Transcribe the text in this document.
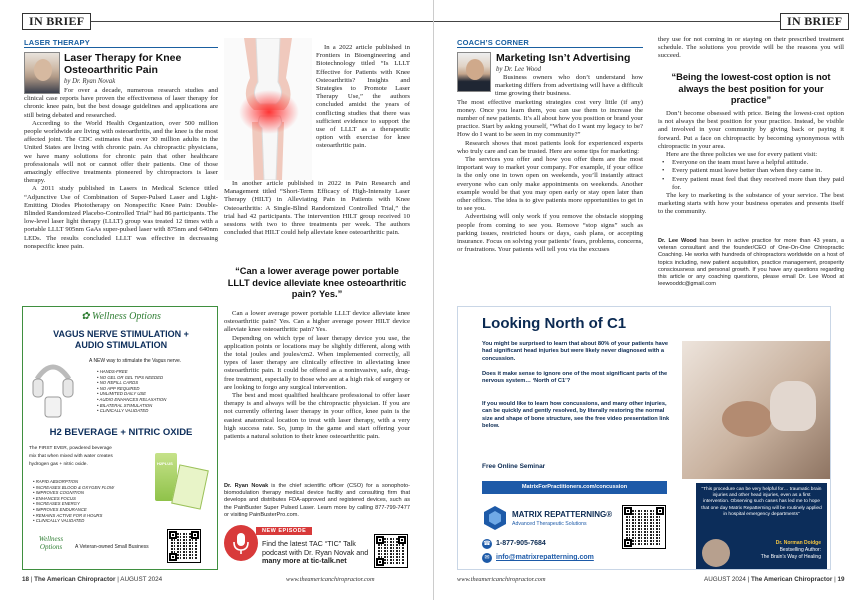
IN BRIEF
LASER THERAPY
Laser Therapy for Knee
Osteoarthritic Pain
by Dr. Ryan Novak

For over a decade, numerous research studies and clinical case reports have proven the effectiveness of laser therapy for chronic knee pain, but the best dosage guidelines and applications are still being debated and researched.

According to the World Health Organization, over 500 million people worldwide are living with osteoarthritis, and the knee is the most affected joint. The CDC estimates that over 30 million adults in the United States are living with chronic pain. As chiropractic physicians, we have many solutions for chronic pain that other healthcare professionals will not or cannot offer their patients. One of those amazingly effective treatments pioneered by chiropractors is laser therapy.

A 2011 study published in Lasers in Medical Science titled “Adjunctive Use of Combination of Super-Pulsed Laser and Light-Emitting Diodes Phototherapy on Nonspecific Knee Pain: Double-Blinded Randomized Placebo-Controlled Trial” had 86 participants. The low-level laser light therapy (LLLT) group was treated 12 times with a portable LLLT 905nm GaAs super-pulsed laser with 875nm and 640nm LEDs. The results concluded LLLT was effective in decreasing nonspecific knee pain.

In a 2022 article published in Frontiers in Bioengineering and Biotechnology titled “Is LLLT Effective for Patients with Knee Osteoarthritis? Insights and Strategies to Promote Laser Therapy Use,” the authors concluded amidst the years of conflicting studies that there was sufficient evidence to support the use of LLLT as a therapeutic option with exercise for knee osteoarthritic pain.

In another article published in 2022 in Pain Research and Management titled “Short-Term Efficacy of High-Intensity Laser Therapy (HILT) in Alleviating Pain in Patients with Knee Osteoarthritis: A Single-Blind Randomized Controlled Trial,” the trial had 42 participants. The intervention HILT group received 10 sessions with two to three treatments per week. The authors concluded that HILT could help alleviate knee osteoarthritic pain.

“Can a lower average power portable LLLT device alleviate knee osteoarthritic pain? Yes.”

Can a lower average power portable LLLT device alleviate knee osteoarthritic pain? Yes. Can a higher average power HILT device alleviate knee osteoarthritic pain? Yes.

Depending on which type of laser therapy device you use, the application points or locations may be slightly different, along with the total joules and joules/cm2. When implemented correctly, all types of laser therapy are clinically effective in alleviating knee osteoarthritic pain. It could be offered as a noninvasive, safe, drug-free treatment, especially to those who are at a high risk of surgery or are looking to forgo any surgical intervention.

The best and most qualified healthcare professional to offer laser therapy is and always will be the chiropractic physician. If you are not currently offering laser therapy in your office, knee pain is the easiest anatomical location to treat with laser therapy, with a very high success rate. So, jump in the game and start offering your patients a natural solution to their knee osteoarthritic pain.

Dr. Ryan Novak is the chief scientific officer (CSO) for a sonophoto-biomodulation therapy medical device facility and consulting firm that develops and distributes FDA-approved and registered devices, such as the PainBuster Super Pulsed Laser. Learn more by calling 877-799-7477 or visiting PainBusterPro.com.
NEW EPISODE
Find the latest TAC “TIC” Talk
podcast with Dr. Ryan Novak and
many more at tic-talk.net
✿ Wellness Options
VAGUS NERVE STIMULATION +
AUDIO STIMULATION
A NEW way to stimulate the Vagus nerve.
• HANDS-FREE
• NO GEL OR GEL TIPS NEEDED
• NO REFILL CARDS
• NO APP REQUIRED
• UNLIMITED DAILY USE
• AUDIO ENHANCES RELAXATION
• BILATERAL STIMULATION
• CLINICALLY VALIDATED
H2 BEVERAGE + NITRIC OXIDE
The FIRST EVER, powdered beverage
mix that when mixed with water creates
hydrogen gas + nitric oxide.
• RAPID ABSORPTION
• INCREASES BLOOD & OXYGEN FLOW
• IMPROVES COGNITION
• ENHANCES FOCUS
• INCREASES ENERGY
• IMPROVES ENDURANCE
• REMAINS ACTIVE FOR 8 HOURS
• CLINICALLY VALIDATED
H2PLUS
Wellness
Options	A Veteran-owned Small Business
18 | The American Chiropractor | AUGUST 2024	www.theamericanchiropractor.com
IN BRIEF
COACH’S CORNER
Marketing Isn’t Advertising
by Dr. Lee Wood

Business owners who don’t understand how marketing differs from advertising will have a difficult time growing their business.

The most effective marketing strategies cost very little (if any) money. Once you learn them, you can use them to increase the number of new patients. It’s all about how you position or brand your practice. Start by asking yourself, “What do I want my legacy to be? How do I want to be seen in my community?”

Research shows that most patients look for experienced experts who truly care and can be trusted. Here are some tips for marketing:

The services you offer and how you offer them are the most important way to market your company. For example, if your office is the only one in town open on weekends, you’ll instantly attract everyone who can only make appointments on weekends. Another example would be that you may open early or stay open later than other offices. The idea is to give patients more opportunities to get in to see you.

Advertising will only work if you remove the obstacle stopping people from coming to see you. Remove “stop signs” such as parking issues, restricted hours or days, cash plans, or accepting insurance. Focus on solving your patients’ fears, problems, concerns, or frustrations. Your patients will tell you via the excuses

they use for not coming in or staying on their prescribed treatment schedule. The solutions you provide will be the reasons you will succeed.

“Being the lowest-cost option is not always the best position for your practice”

Don’t become obsessed with price. Being the lowest-cost option is not always the best position for your practice. Instead, be visible and involved in your community by giving back or paying it forward. Put a face on chiropractic by becoming synonymous with chiropractic in your area.

Here are the three policies we use for every patient visit:

• Everyone on the team must have a helpful attitude.
• Every patient must leave better than when they came in.
• Every patient must feel that they received more than they paid for.

The key to marketing is the substance of your service. The best marketing starts with how your business operates and presents itself to the community.

Dr. Lee Wood has been in active practice for more than 43 years, a veteran consultant and the founder/CEO of One-On-One Chiropractic Coaching. He works with hundreds of chiropractors worldwide on a host of topics including, new patient acquisition, practice management, prosperity consciousness and personal growth. If you have any questions regarding this article or any coaching questions, please email Dr. Lee Wood at leewooddc@gmail.com
www.theamericanchiropractor.com	AUGUST 2024 | The American Chiropractor | 19
Looking North of C1
You might be surprised to learn that about 80% of your patients have had significant head injuries but were likely never diagnosed with a concussion.
Does it make sense to ignore one of the most significant parts of the nervous system… ‘North of C1’?
If you would like to learn how concussions, and many other injuries, can be quickly and gently resolved, by literally restoring the normal size and shape of bone structure, see the free video presentation link below.
Free Online Seminar
MatrixForPractitioners.com/concussion	“This procedure can be very helpful for… traumatic brain injuries and other head injuries, even as a first intervention. Observing such cases has led me to hope that one day Matrix Repatterning will be routinely applied in hospital emergency departments”
Dr. Norman Doidge
Bestselling Author:
The Brain’s Way of Healing
MATRIX REPATTERNING®
Advanced Therapeutic Solutions
☎ 1-877-905-7684
✉ info@matrixrepatterning.com
